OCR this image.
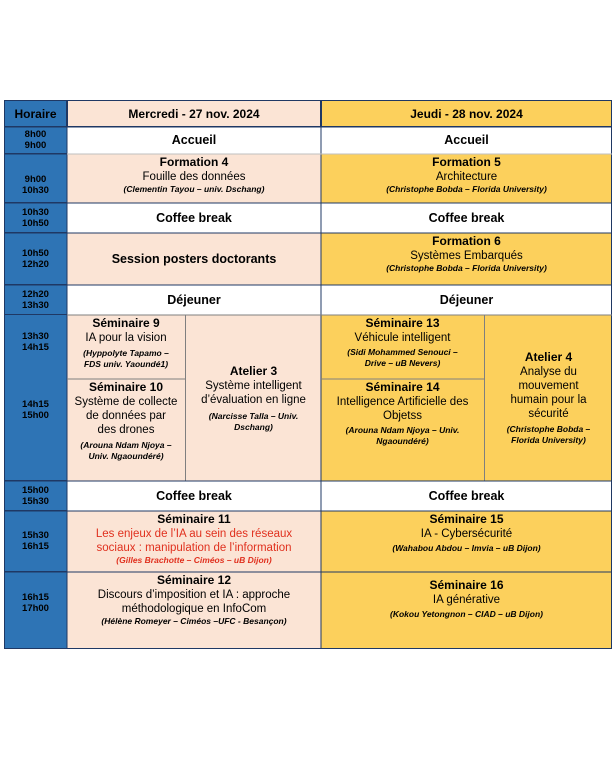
Horaire	Mercredi - 27 nov. 2024	Jeudi - 28 nov. 2024
8h00
9h00
9h00
10h30
10h30
10h50
10h50
12h20
12h20
13h30
13h30
14h15
14h15
15h00
15h00
15h30
15h30
16h15
16h15
17h00
Accueil
Formation 4
Fouille des données
(Clementin Tayou – univ. Dschang)
Coffee break
Session posters doctorants
Déjeuner
Séminaire 9
IA pour la vision
(Hyppolyte Tapamo –
FDS univ. Yaoundé1)
Séminaire 10
Système de collecte
de données par
des drones
(Arouna Ndam Njoya –
Univ. Ngaoundéré)
Atelier 3
Système intelligent
d’évaluation en ligne
(Narcisse Talla – Univ.
Dschang)
Coffee break
Séminaire 11
Les enjeux de l’IA au sein des réseaux
sociaux : manipulation de l’information
(Gilles Brachotte – Ciméos – uB Dijon)
Séminaire 12
Discours d’imposition et IA : approche
méthodologique en InfoCom
(Hélène Romeyer – Ciméos –UFC - Besançon)
Accueil
Formation 5
Architecture
(Christophe Bobda – Florida University)
Coffee break
Formation 6
Systèmes Embarqués
(Christophe Bobda – Florida University)
Déjeuner
Séminaire 13
Véhicule intelligent
(Sidi Mohammed Senouci –
Drive – uB Nevers)
Séminaire 14
Intelligence Artificielle des
Objetss
(Arouna Ndam Njoya – Univ.
Ngaoundéré)
Atelier 4
Analyse du
mouvement
humain pour la
sécurité
(Christophe Bobda –
Florida University)
Coffee break
Séminaire 15
IA - Cybersécurité
(Wahabou Abdou – Imvia – uB Dijon)
Séminaire 16
IA générative
(Kokou Yetongnon – CIAD – uB Dijon)
